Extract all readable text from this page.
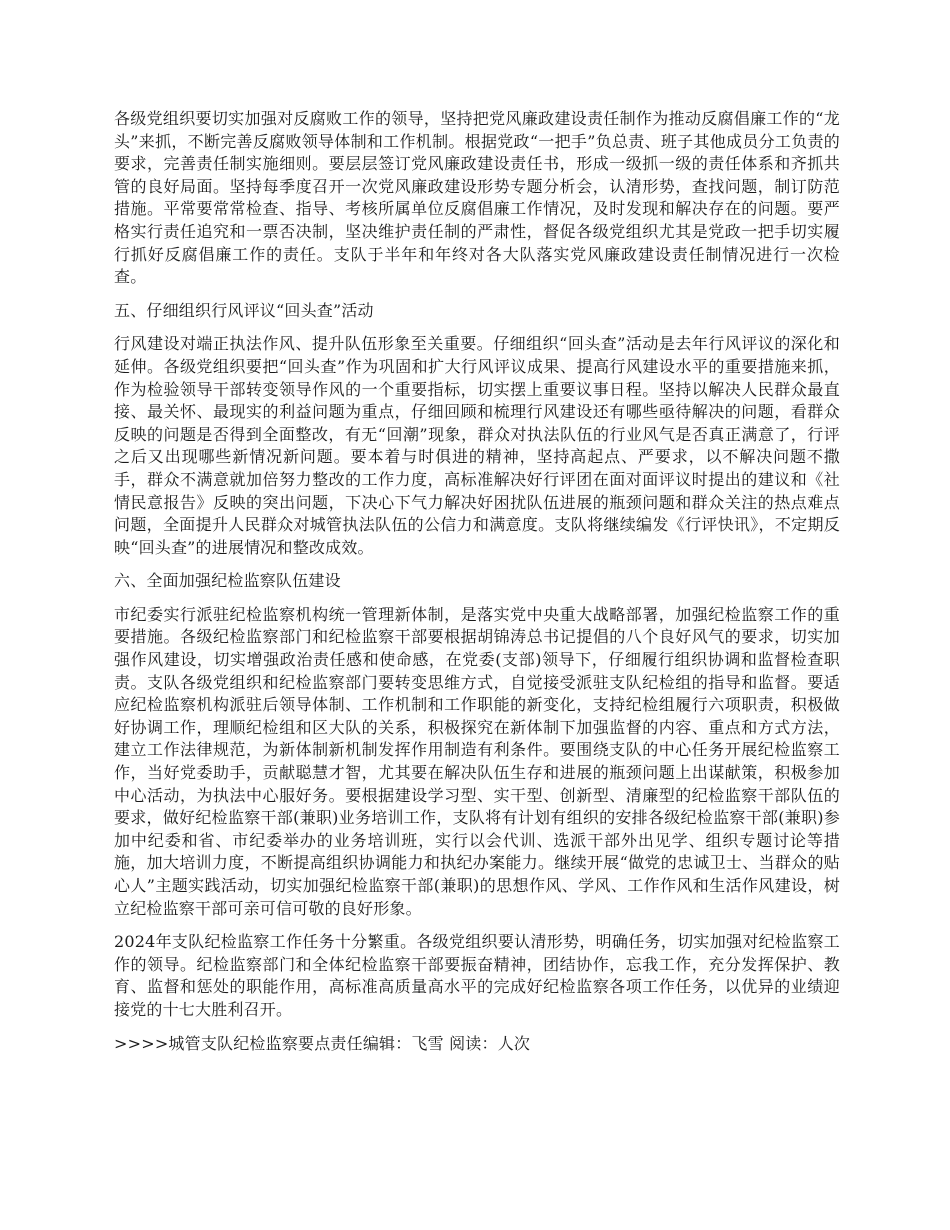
各级党组织要切实加强对反腐败工作的领导，坚持把党风廉政建设责任制作为推动反腐倡廉工作的“龙头”来抓，不断完善反腐败领导体制和工作机制。根据党政“一把手”负总责、班子其他成员分工负责的要求，完善责任制实施细则。要层层签订党风廉政建设责任书，形成一级抓一级的责任体系和齐抓共管的良好局面。坚持每季度召开一次党风廉政建设形势专题分析会，认清形势，查找问题，制订防范措施。平常要常常检查、指导、考核所属单位反腐倡廉工作情况，及时发现和解决存在的问题。要严格实行责任追究和一票否决制，坚决维护责任制的严肃性，督促各级党组织尤其是党政一把手切实履行抓好反腐倡廉工作的责任。支队于半年和年终对各大队落实党风廉政建设责任制情况进行一次检查。

五、仔细组织行风评议“回头查”活动

行风建设对端正执法作风、提升队伍形象至关重要。仔细组织“回头查”活动是去年行风评议的深化和延伸。各级党组织要把“回头查”作为巩固和扩大行风评议成果、提高行风建设水平的重要措施来抓，作为检验领导干部转变领导作风的一个重要指标，切实摆上重要议事日程。坚持以解决人民群众最直接、最关怀、最现实的利益问题为重点，仔细回顾和梳理行风建设还有哪些亟待解决的问题，看群众反映的问题是否得到全面整改，有无“回潮”现象，群众对执法队伍的行业风气是否真正满意了，行评之后又出现哪些新情况新问题。要本着与时俱进的精神，坚持高起点、严要求，以不解决问题不撒手，群众不满意就加倍努力整改的工作力度，高标准解决好行评团在面对面评议时提出的建议和《社情民意报告》反映的突出问题，下决心下气力解决好困扰队伍进展的瓶颈问题和群众关注的热点难点问题，全面提升人民群众对城管执法队伍的公信力和满意度。支队将继续编发《行评快讯》，不定期反映“回头查”的进展情况和整改成效。

六、全面加强纪检监察队伍建设

市纪委实行派驻纪检监察机构统一管理新体制，是落实党中央重大战略部署，加强纪检监察工作的重要措施。各级纪检监察部门和纪检监察干部要根据胡锦涛总书记提倡的八个良好风气的要求，切实加强作风建设，切实增强政治责任感和使命感，在党委(支部)领导下，仔细履行组织协调和监督检查职责。支队各级党组织和纪检监察部门要转变思维方式，自觉接受派驻支队纪检组的指导和监督。要适应纪检监察机构派驻后领导体制、工作机制和工作职能的新变化，支持纪检组履行六项职责，积极做好协调工作，理顺纪检组和区大队的关系，积极探究在新体制下加强监督的内容、重点和方式方法，建立工作法律规范，为新体制新机制发挥作用制造有利条件。要围绕支队的中心任务开展纪检监察工作，当好党委助手，贡献聪慧才智，尤其要在解决队伍生存和进展的瓶颈问题上出谋献策，积极参加中心活动，为执法中心服好务。要根据建设学习型、实干型、创新型、清廉型的纪检监察干部队伍的要求，做好纪检监察干部(兼职)业务培训工作，支队将有计划有组织的安排各级纪检监察干部(兼职)参加中纪委和省、市纪委举办的业务培训班，实行以会代训、选派干部外出见学、组织专题讨论等措施，加大培训力度，不断提高组织协调能力和执纪办案能力。继续开展“做党的忠诚卫士、当群众的贴心人”主题实践活动，切实加强纪检监察干部(兼职)的思想作风、学风、工作作风和生活作风建设，树立纪检监察干部可亲可信可敬的良好形象。

2024年支队纪检监察工作任务十分繁重。各级党组织要认清形势，明确任务，切实加强对纪检监察工作的领导。纪检监察部门和全体纪检监察干部要振奋精神，团结协作，忘我工作，充分发挥保护、教育、监督和惩处的职能作用，高标准高质量高水平的完成好纪检监察各项工作任务，以优异的业绩迎接党的十七大胜利召开。

>>>>城管支队纪检监察要点责任编辑：飞雪 阅读：人次
